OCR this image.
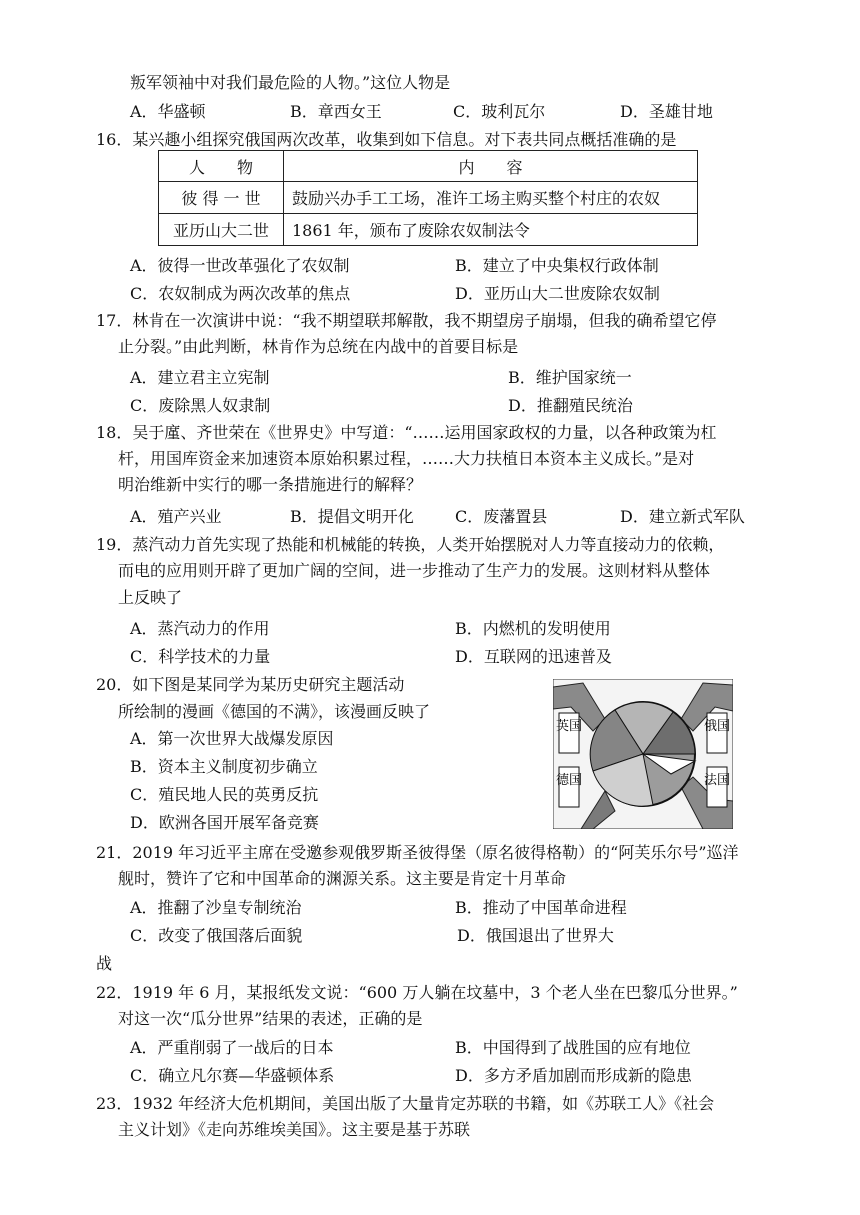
叛军领袖中对我们最危险的人物。”这位人物是
A．华盛顿	B．章西女王	C．玻利瓦尔	D．圣雄甘地
16．某兴趣小组探究俄国两次改革，收集到如下信息。对下表共同点概括准确的是
人　　物	内　　容
彼 得 一 世	鼓励兴办手工工场，准许工场主购买整个村庄的农奴
亚历山大二世	1861 年，颁布了废除农奴制法令
A．彼得一世改革强化了农奴制	B．建立了中央集权行政体制
C．农奴制成为两次改革的焦点	D．亚历山大二世废除农奴制
17．林肯在一次演讲中说：“我不期望联邦解散，我不期望房子崩塌，但我的确希望它停
止分裂。”由此判断，林肯作为总统在内战中的首要目标是
A．建立君主立宪制	B．维护国家统一
C．废除黑人奴隶制	D．推翻殖民统治
18．吴于廑、齐世荣在《世界史》中写道：“……运用国家政权的力量，以各种政策为杠
杆，用国库资金来加速资本原始积累过程，……大力扶植日本资本主义成长。”是对
明治维新中实行的哪一条措施进行的解释？
A．殖产兴业	B．提倡文明开化	C．废藩置县	D．建立新式军队
19．蒸汽动力首先实现了热能和机械能的转换，人类开始摆脱对人力等直接动力的依赖，
而电的应用则开辟了更加广阔的空间，进一步推动了生产力的发展。这则材料从整体
上反映了
A．蒸汽动力的作用	B．内燃机的发明使用
C．科学技术的力量	D．互联网的迅速普及
20．如下图是某同学为某历史研究主题活动
所绘制的漫画《德国的不满》，该漫画反映了
A．第一次世界大战爆发原因
B．资本主义制度初步确立
C．殖民地人民的英勇反抗
D．欧洲各国开展军备竞赛
英国
德国
俄国
法国
21．2019 年习近平主席在受邀参观俄罗斯圣彼得堡（原名彼得格勒）的“阿芙乐尔号”巡洋
舰时，赞许了它和中国革命的渊源关系。这主要是肯定十月革命
A．推翻了沙皇专制统治	B．推动了中国革命进程
C．改变了俄国落后面貌	D．俄国退出了世界大
战
22．1919 年 6 月，某报纸发文说：“600 万人躺在坟墓中，3 个老人坐在巴黎瓜分世界。”
对这一次“瓜分世界”结果的表述，正确的是
A．严重削弱了一战后的日本	B．中国得到了战胜国的应有地位
C．确立凡尔赛—华盛顿体系	D．多方矛盾加剧而形成新的隐患
23．1932 年经济大危机期间，美国出版了大量肯定苏联的书籍，如《苏联工人》《社会
主义计划》《走向苏维埃美国》。这主要是基于苏联
